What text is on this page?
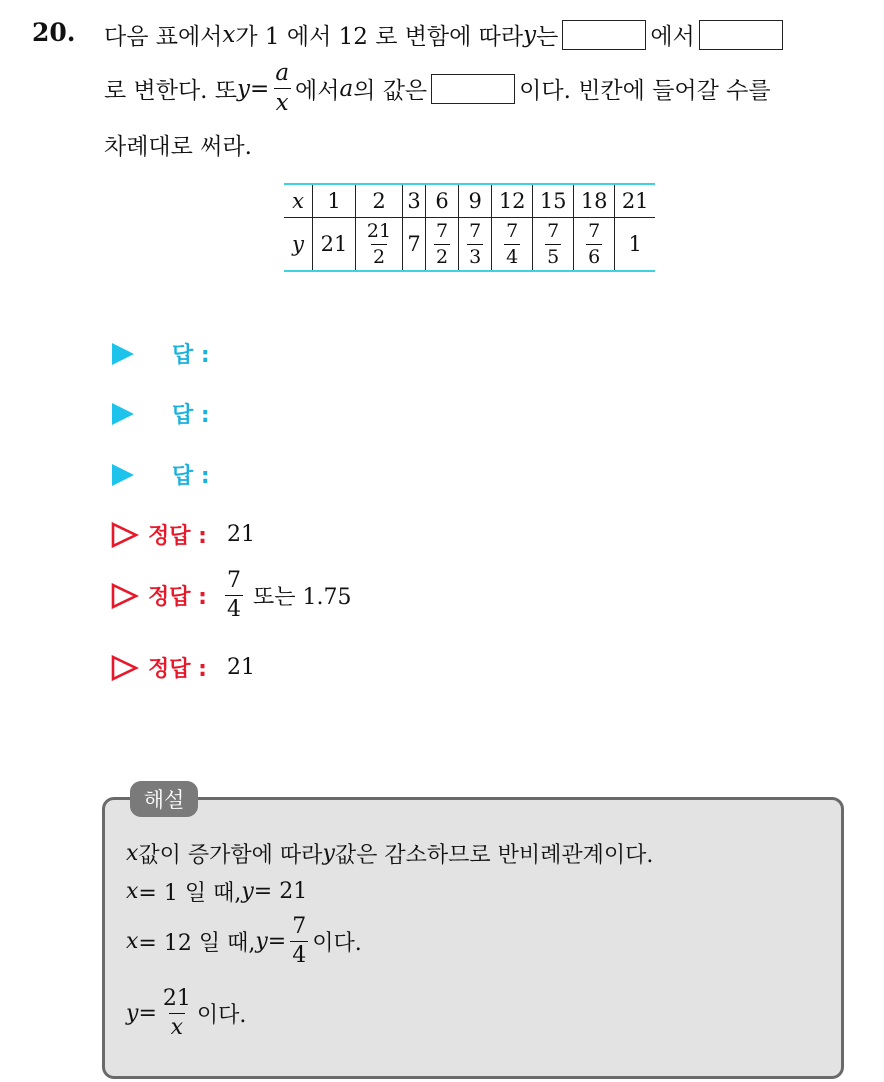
20. 다음 표에서 x 가 1 에서 12 로 변함에 따라 y 는	에서
로 변한다. 또 $y = \frac{a}{x}$ 에서 a 의 값은	이다. 빈칸에 들어갈 수를
차례대로 써라.
x	1	2	3	6	9	12	15	18	21
y	21	$\frac{21}{2}$	7	$\frac{7}{2}$	$\frac{7}{3}$	$\frac{7}{4}$	$\frac{7}{5}$	$\frac{7}{6}$	1
답 :
답 :
답 :
정답 : 21
정답 : $\frac{7}{4}$ 또는 1.75
정답 : 21
해설
x 값이 증가함에 따라 y 값은 감소하므로 반비례관계이다.
x = 1 일 때, y = 21
x = 12 일 때, $y = \frac{7}{4}$ 이다.
$y = \frac{21}{x}$ 이다.
